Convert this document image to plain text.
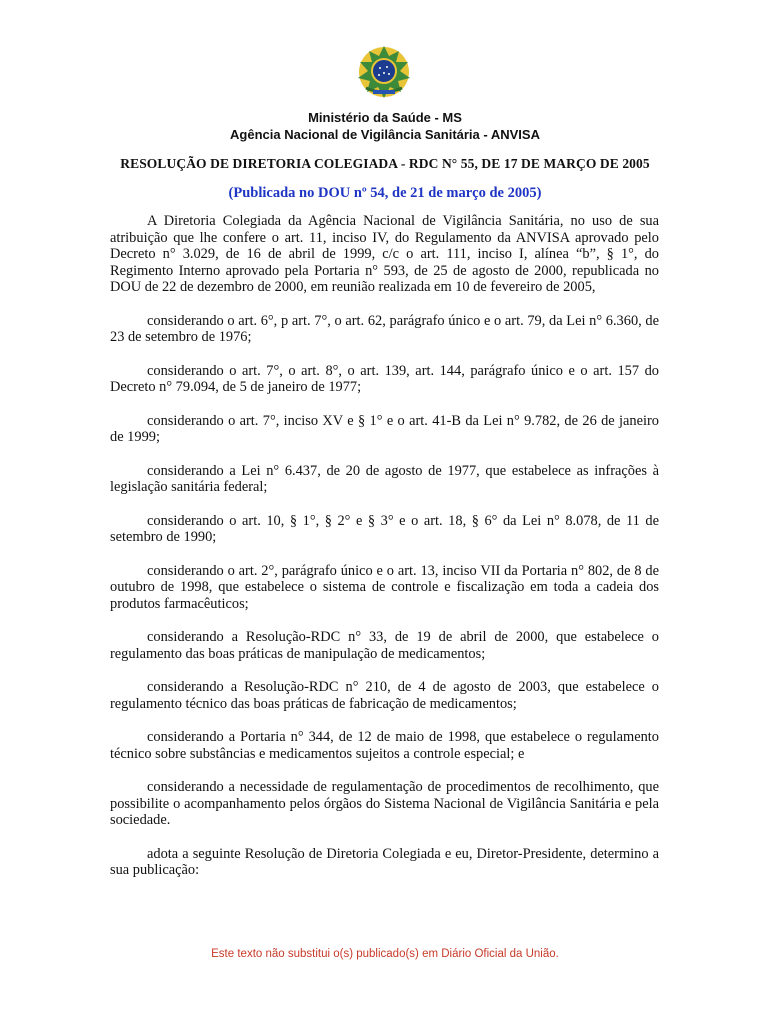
Ministério da Saúde - MS
Agência Nacional de Vigilância Sanitária - ANVISA
RESOLUÇÃO DE DIRETORIA COLEGIADA - RDC N° 55, DE 17 DE MARÇO DE 2005
(Publicada no DOU nº 54, de 21 de março de 2005)

A Diretoria Colegiada da Agência Nacional de Vigilância Sanitária, no uso de sua atribuição que lhe confere o art. 11, inciso IV, do Regulamento da ANVISA aprovado pelo Decreto n° 3.029, de 16 de abril de 1999, c/c o art. 111, inciso I, alínea “b”, § 1°, do Regimento Interno aprovado pela Portaria n° 593, de 25 de agosto de 2000, republicada no DOU de 22 de dezembro de 2000, em reunião realizada em 10 de fevereiro de 2005,

considerando o art. 6°, p art. 7°, o art. 62, parágrafo único e o art. 79, da Lei n° 6.360, de 23 de setembro de 1976;

considerando o art. 7°, o art. 8°, o art. 139, art. 144, parágrafo único e o art. 157 do Decreto n° 79.094, de 5 de janeiro de 1977;

considerando o art. 7°, inciso XV e § 1° e o art. 41-B da Lei n° 9.782, de 26 de janeiro de 1999;

considerando a Lei n° 6.437, de 20 de agosto de 1977, que estabelece as infrações à legislação sanitária federal;

considerando o art. 10, § 1°, § 2° e § 3° e o art. 18, § 6° da Lei n° 8.078, de 11 de setembro de 1990;

considerando o art. 2°, parágrafo único e o art. 13, inciso VII da Portaria n° 802, de 8 de outubro de 1998, que estabelece o sistema de controle e fiscalização em toda a cadeia dos produtos farmacêuticos;

considerando a Resolução-RDC n° 33, de 19 de abril de 2000, que estabelece o regulamento das boas práticas de manipulação de medicamentos;

considerando a Resolução-RDC n° 210, de 4 de agosto de 2003, que estabelece o regulamento técnico das boas práticas de fabricação de medicamentos;

considerando a Portaria n° 344, de 12 de maio de 1998, que estabelece o regulamento técnico sobre substâncias e medicamentos sujeitos a controle especial; e

considerando a necessidade de regulamentação de procedimentos de recolhimento, que possibilite o acompanhamento pelos órgãos do Sistema Nacional de Vigilância Sanitária e pela sociedade.

adota a seguinte Resolução de Diretoria Colegiada e eu, Diretor-Presidente, determino a sua publicação:

Este texto não substitui o(s) publicado(s) em Diário Oficial da União.
